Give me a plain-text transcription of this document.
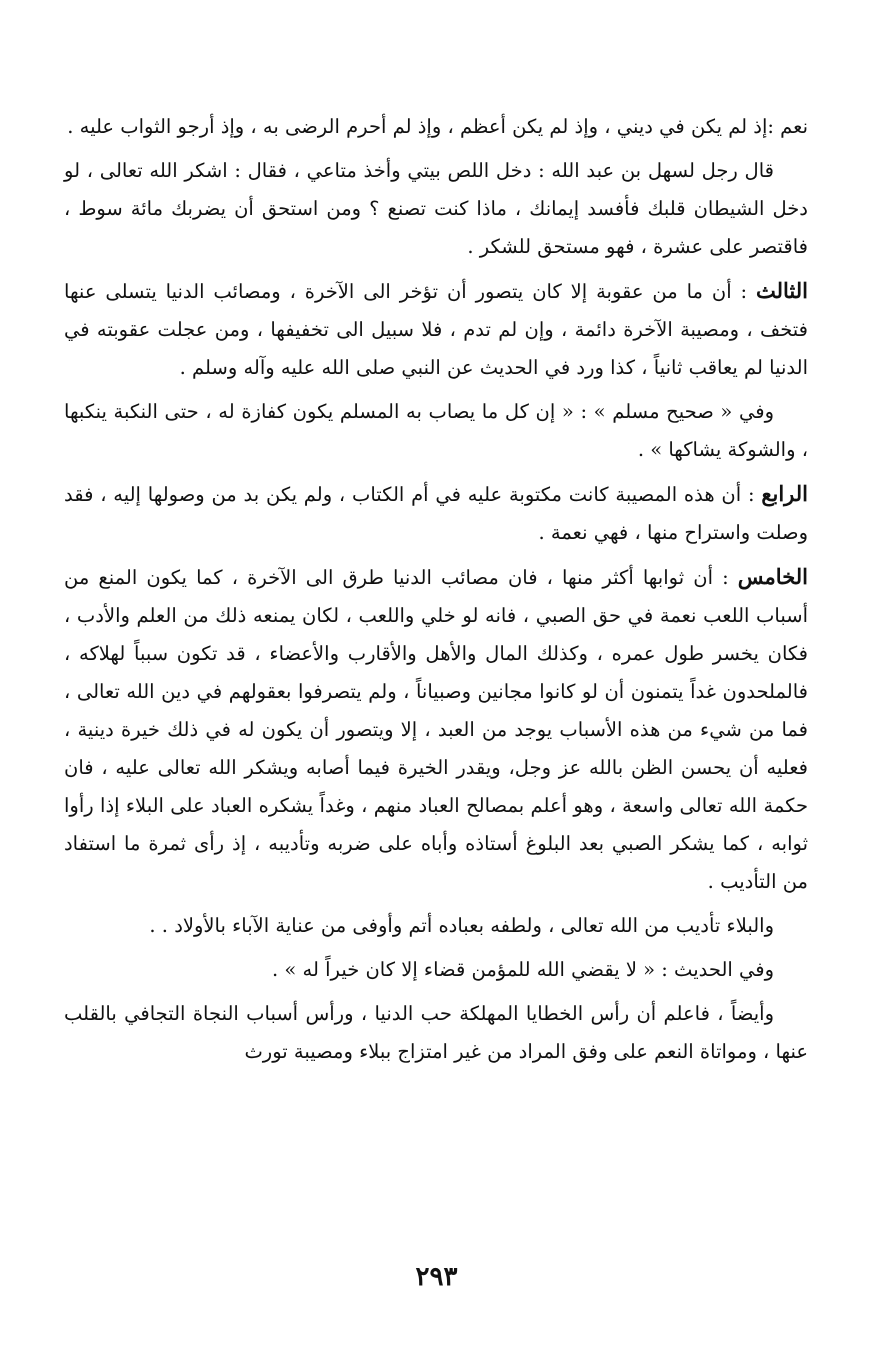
نعم :إذ لم يكن في ديني ، وإذ لم يكن أعظم ، وإذ لم أحرم الرضى به ، وإذ أرجو الثواب عليه .

قال رجل لسهل بن عبد الله : دخل اللص بيتي وأخذ متاعي ، فقال : اشكر الله تعالى ، لو دخل الشيطان قلبك فأفسد إيمانك ، ماذا كنت تصنع ؟ ومن استحق أن يضربك مائة سوط ، فاقتصر على عشرة ، فهو مستحق للشكر .

الثالث : أن ما من عقوبة إلا كان يتصور أن تؤخر الى الآخرة ، ومصائب الدنيا يتسلى عنها فتخف ، ومصيبة الآخرة دائمة ، وإن لم تدم ، فلا سبيل الى تخفيفها ، ومن عجلت عقوبته في الدنيا لم يعاقب ثانياً ، كذا ورد في الحديث عن النبي صلى الله عليه وآله وسلم .

وفي « صحيح مسلم » : « إن كل ما يصاب به المسلم يكون كفازة له ، حتى النكبة ينكبها ، والشوكة يشاكها » .

الرابع : أن هذه المصيبة كانت مكتوبة عليه في أم الكتاب ، ولم يكن بد من وصولها إليه ، فقد وصلت واستراح منها ، فهي نعمة .

الخامس : أن ثوابها أكثر منها ، فان مصائب الدنيا طرق الى الآخرة ، كما يكون المنع من أسباب اللعب نعمة في حق الصبي ، فانه لو خلي واللعب ، لكان يمنعه ذلك من العلم والأدب ، فكان يخسر طول عمره ، وكذلك المال والأهل والأقارب والأعضاء ، قد تكون سبباً لهلاكه ، فالملحدون غداً يتمنون أن لو كانوا مجانين وصبياناً ، ولم يتصرفوا بعقولهم في دين الله تعالى ، فما من شيء من هذه الأسباب يوجد من العبد ، إلا ويتصور أن يكون له في ذلك خيرة دينية ، فعليه أن يحسن الظن بالله عز وجل، ويقدر الخيرة فيما أصابه ويشكر الله تعالى عليه ، فان حكمة الله تعالى واسعة ، وهو أعلم بمصالح العباد منهم ، وغداً يشكره العباد على البلاء إذا رأوا ثوابه ، كما يشكر الصبي بعد البلوغ أستاذه وأباه على ضربه وتأديبه ، إذ رأى ثمرة ما استفاد من التأديب .

والبلاء تأديب من الله تعالى ، ولطفه بعباده أتم وأوفى من عناية الآباء بالأولاد . .

وفي الحديث : « لا يقضي الله للمؤمن قضاء إلا كان خيراً له » .

وأيضاً ، فاعلم أن رأس الخطايا المهلكة حب الدنيا ، ورأس أسباب النجاة التجافي بالقلب عنها ، ومواتاة النعم على وفق المراد من غير امتزاج ببلاء ومصيبة تورث

٢٩٣
